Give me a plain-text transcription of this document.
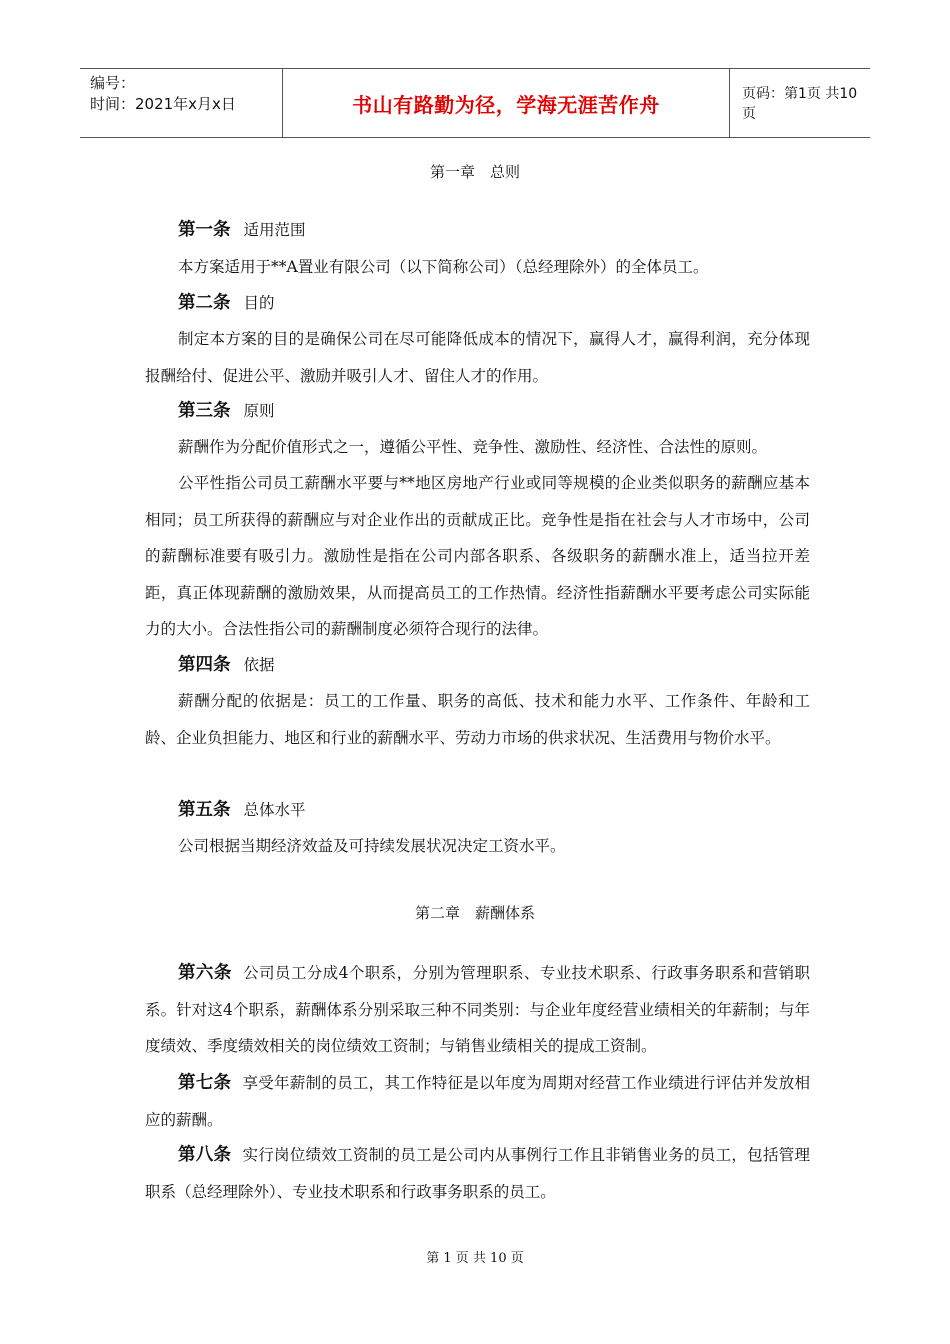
编号：
时间：2021年x月x日	书山有路勤为径，学海无涯苦作舟	页码：第1页 共10页
第一章　总则

第一条 适用范围

本方案适用于**A置业有限公司（以下简称公司）（总经理除外）的全体员工。

第二条 目的

制定本方案的目的是确保公司在尽可能降低成本的情况下，赢得人才，赢得利润，充分体现报酬给付、促进公平、激励并吸引人才、留住人才的作用。

第三条 原则

薪酬作为分配价值形式之一，遵循公平性、竞争性、激励性、经济性、合法性的原则。

公平性指公司员工薪酬水平要与**地区房地产行业或同等规模的企业类似职务的薪酬应基本相同；员工所获得的薪酬应与对企业作出的贡献成正比。竞争性是指在社会与人才市场中，公司的薪酬标准要有吸引力。激励性是指在公司内部各职系、各级职务的薪酬水准上，适当拉开差距，真正体现薪酬的激励效果，从而提高员工的工作热情。经济性指薪酬水平要考虑公司实际能力的大小。合法性指公司的薪酬制度必须符合现行的法律。

第四条 依据

薪酬分配的依据是：员工的工作量、职务的高低、技术和能力水平、工作条件、年龄和工龄、企业负担能力、地区和行业的薪酬水平、劳动力市场的供求状况、生活费用与物价水平。

第五条 总体水平

公司根据当期经济效益及可持续发展状况决定工资水平。

第二章　薪酬体系

第六条 公司员工分成4个职系，分别为管理职系、专业技术职系、行政事务职系和营销职系。针对这4个职系，薪酬体系分别采取三种不同类别：与企业年度经营业绩相关的年薪制；与年度绩效、季度绩效相关的岗位绩效工资制；与销售业绩相关的提成工资制。

第七条 享受年薪制的员工，其工作特征是以年度为周期对经营工作业绩进行评估并发放相应的薪酬。

第八条 实行岗位绩效工资制的员工是公司内从事例行工作且非销售业务的员工，包括管理职系（总经理除外）、专业技术职系和行政事务职系的员工。

第 1 页 共 10 页
